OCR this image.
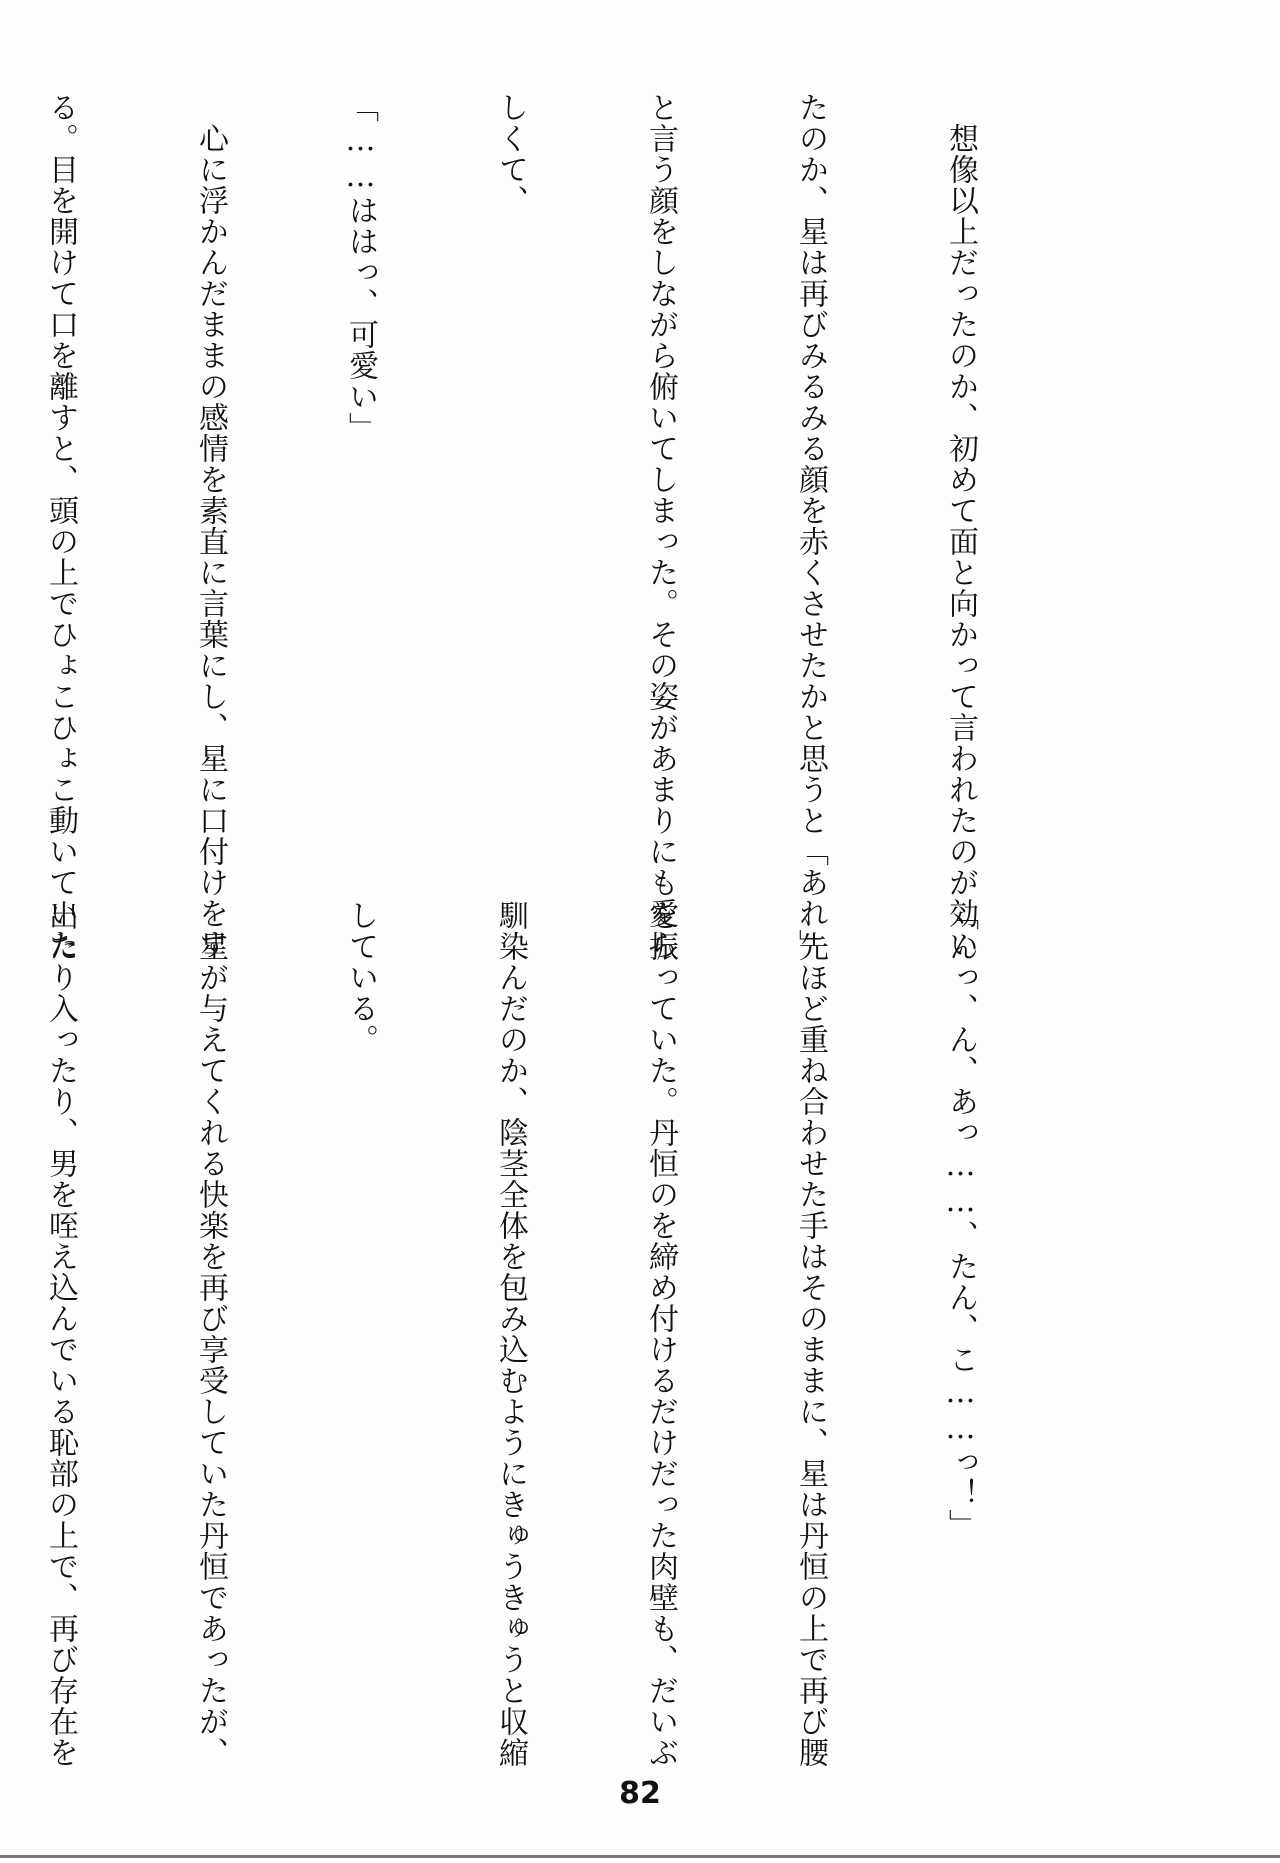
　想像以上だったのか、初めて面と向かって言われたのが効い

たのか、星は再びみるみる顔を赤くさせたかと思うと「あれ」

と言う顔をしながら俯いてしまった。その姿があまりにも愛ら

しくて、

「……ははっ、可愛い」

　心に浮かんだままの感情を素直に言葉にし、星に口付けをす

る。目を開けて口を離すと、頭の上でひょこひょこ動いていた

「んっ、ん、あっ……、たん、こ……っ！」

　先ほど重ね合わせた手はそのままに、星は丹恒の上で再び腰

を振っていた。丹恒のを締め付けるだけだった肉壁も、だいぶ

馴染んだのか、陰茎全体を包み込むようにきゅうきゅうと収縮

している。

　星が与えてくれる快楽を再び享受していた丹恒であったが、

出たり入ったり、男を咥え込んでいる恥部の上で、再び存在を

82
